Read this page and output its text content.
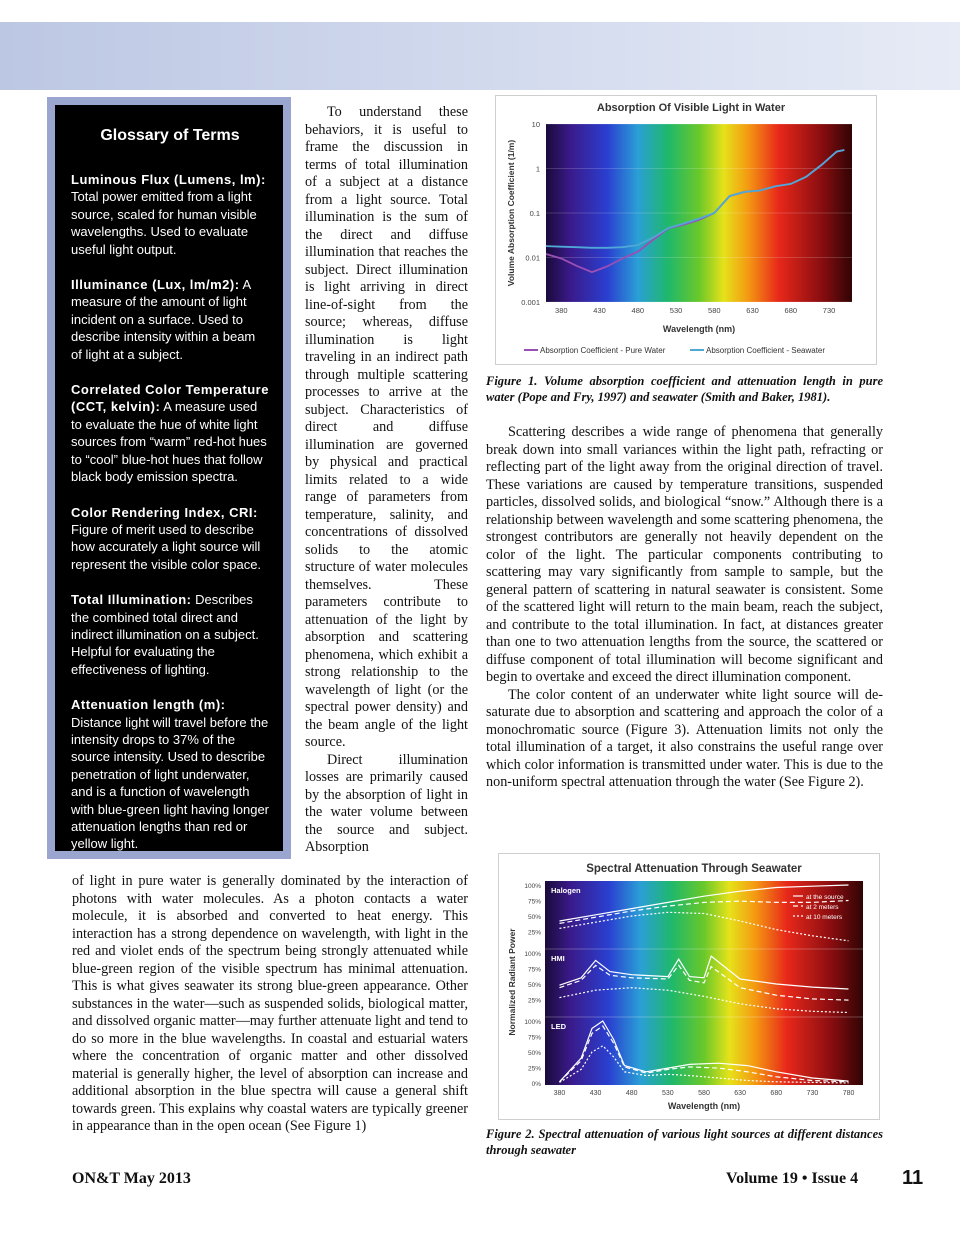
Glossary of Terms
Luminous Flux (Lumens, lm): Total power emitted from a light source, scaled for human visible wavelengths. Used to evaluate useful light output.
Illuminance (Lux, lm/m2): A measure of the amount of light incident on a surface. Used to describe intensity within a beam of light at a subject.
Correlated Color Temperature (CCT, kelvin): A measure used to evaluate the hue of white light sources from “warm” red-hot hues to “cool” blue-hot hues that follow black body emission spectra.
Color Rendering Index, CRI: Figure of merit used to describe how accurately a light source will represent the visible color space.
Total Illumination: Describes the combined total direct and indirect illumination on a subject. Helpful for evaluating the effectiveness of lighting.
Attenuation length (m): Distance light will travel before the intensity drops to 37% of the source intensity. Used to describe penetration of light underwater, and is a function of wavelength with blue-green light having longer attenuation lengths than red or yellow light.

To understand these behaviors, it is useful to frame the discussion in terms of total illumination of a subject at a distance from a light source. Total illumination is the sum of the direct and diffuse illumination that reaches the subject. Direct illumination is light arriving in direct line-of-sight from the source; whereas, diffuse illumination is light traveling in an indirect path through multiple scattering processes to arrive at the subject. Characteristics of direct and diffuse illumination are governed by physical and practical limits related to a wide range of parameters from temperature, salinity, and concentrations of dissolved solids to the atomic structure of water molecules themselves. These parameters contribute to attenuation of the light by absorption and scattering phenomena, which exhibit a strong relationship to the wavelength of light (or the spectral power density) and the beam angle of the light source.

Direct illumination losses are primarily caused by the absorption of light in the water volume between the source and subject. Absorption

of light in pure water is generally dominated by the interaction of photons with water molecules. As a photon contacts a water molecule, it is absorbed and converted to heat energy. This interaction has a strong dependence on wavelength, with light in the red and violet ends of the spectrum being strongly attenuated while blue-green region of the visible spectrum has minimal attenuation. This is what gives seawater its strong blue-green appearance. Other substances in the water—such as suspended solids, biological matter, and dissolved organic matter—may further attenuate light and tend to do so more in the blue wavelengths. In coastal and estuarial waters where the concentration of organic matter and other dissolved material is generally higher, the level of absorption can increase and additional absorption in the blue spectra will cause a general shift towards green. This explains why coastal waters are typically greener in appearance than in the open ocean (See Figure 1)

Absorption Of Visible Light in Water
10
1
0.1
0.01
0.001
380	430	480	530	580	630	680	730
Wavelength (nm)
Volume Absorption Coefficient (1/m)
Absorption Coefficient - Pure Water	Absorption Coefficient - Seawater
Figure 1. Volume absorption coefficient and attenuation length in pure water (Pope and Fry, 1997) and seawater (Smith and Baker, 1981).

Scattering describes a wide range of phenomena that generally break down into small variances within the light path, refracting or reflecting part of the light away from the original direction of travel. These variations are caused by temperature transitions, suspended particles, dissolved solids, and biological “snow.” Although there is a relationship between wavelength and some scattering phenomena, the strongest contributors are generally not heavily dependent on the color of the light. The particular components contributing to scattering may vary significantly from sample to sample, but the general pattern of scattering in natural seawater is consistent. Some of the scattered light will return to the main beam, reach the subject, and contribute to the total illumination. In fact, at distances greater than one to two attenuation lengths from the source, the scattered or diffuse component of total illumination will become significant and begin to overtake and exceed the direct illumination component.

The color content of an underwater white light source will de-saturate due to absorption and scattering and approach the color of a monochromatic source (Figure 3). Attenuation limits not only the total illumination of a target, it also constrains the useful range over which color information is transmitted under water. This is due to the non-uniform spectral attenuation through the water (See Figure 2).

Spectral Attenuation Through Seawater
100%
75%
50%
25%
Halogen
at the source
at 2 meters
at 10 meters
100%
75%
50%
25%
HMI
100%
75%
50%
25%
0%
LED
380	430	480	530	580	630	680	730	780
Wavelength (nm)
Normalized Radiant Power
Figure 2. Spectral attenuation of various light sources at different distances through seawater
ON&T May 2013	Volume 19 • Issue 4 11
